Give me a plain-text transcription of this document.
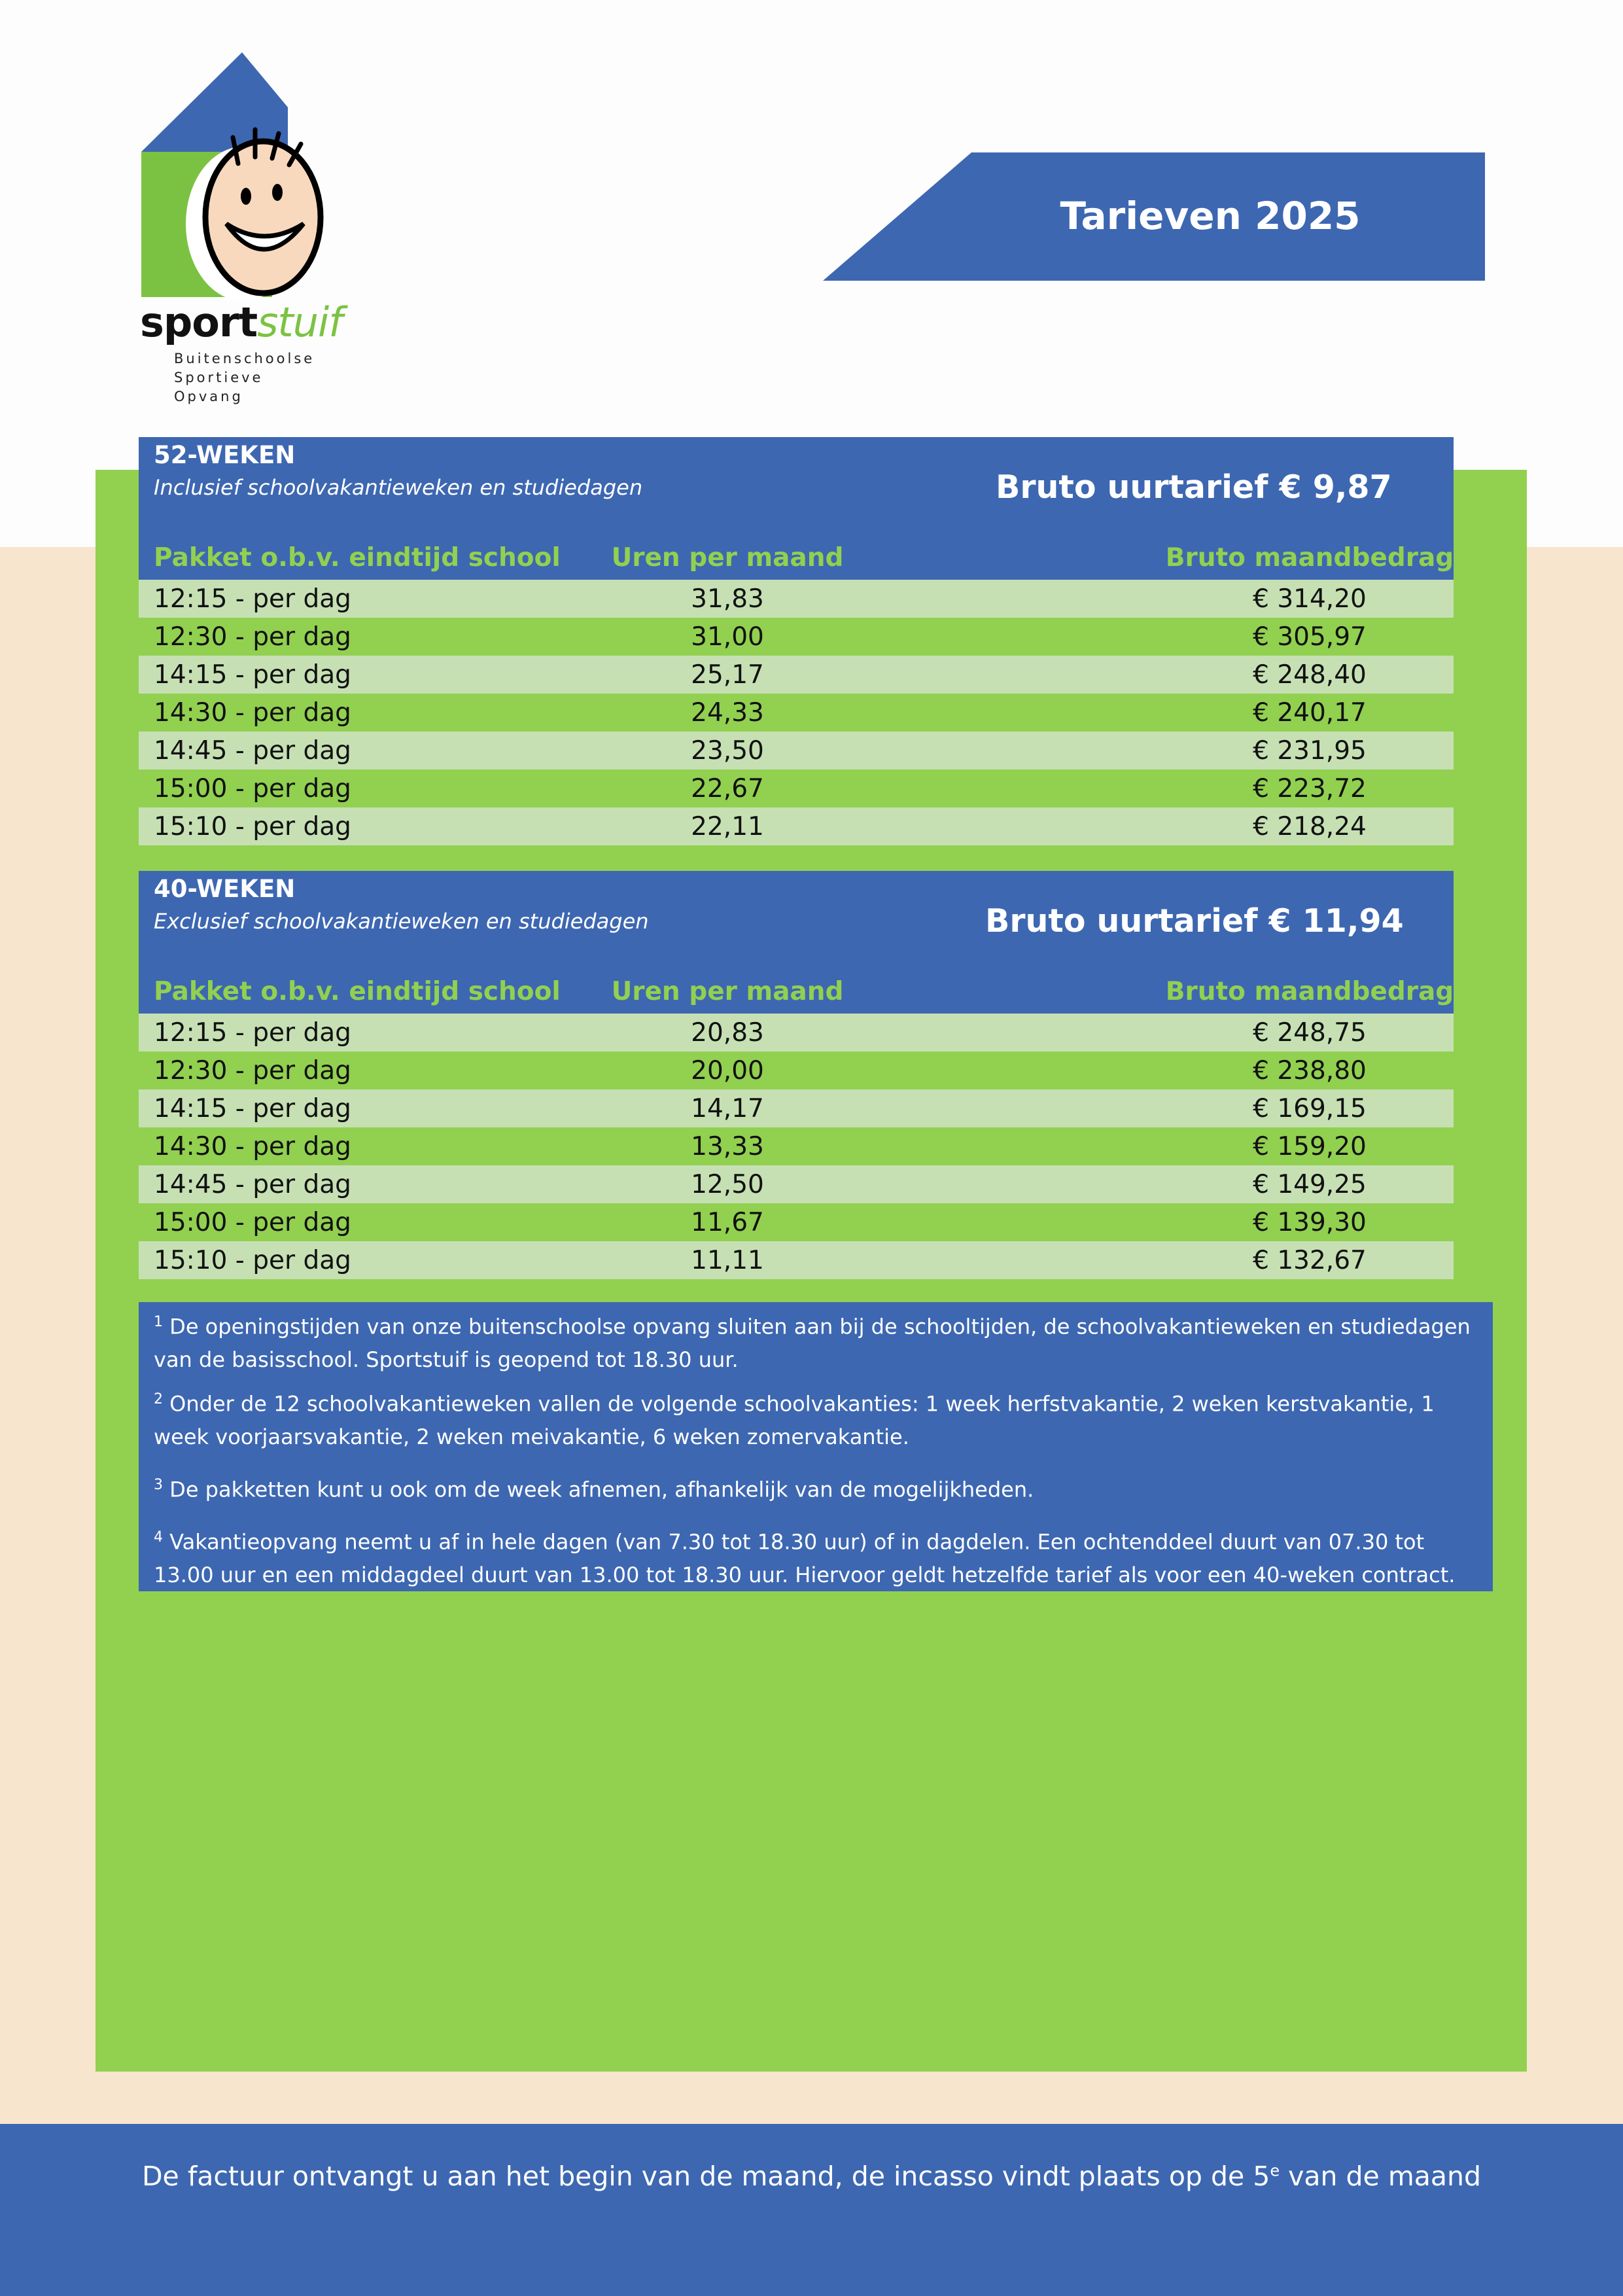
sportstuif
Buitenschoolse
Sportieve
Opvang
Tarieven 2025
52-WEKEN
Inclusief schoolvakantieweken en studiedagen	Bruto uurtarief € 9,87
Pakket o.b.v. eindtijd school	Uren per maand	Bruto maandbedrag
12:15 - per dag	31,83	€ 314,20
12:30 - per dag	31,00	€ 305,97
14:15 - per dag	25,17	€ 248,40
14:30 - per dag	24,33	€ 240,17
14:45 - per dag	23,50	€ 231,95
15:00 - per dag	22,67	€ 223,72
15:10 - per dag	22,11	€ 218,24
40-WEKEN
Exclusief schoolvakantieweken en studiedagen	Bruto uurtarief € 11,94
Pakket o.b.v. eindtijd school	Uren per maand	Bruto maandbedrag
12:15 - per dag	20,83	€ 248,75
12:30 - per dag	20,00	€ 238,80
14:15 - per dag	14,17	€ 169,15
14:30 - per dag	13,33	€ 159,20
14:45 - per dag	12,50	€ 149,25
15:00 - per dag	11,67	€ 139,30
15:10 - per dag	11,11	€ 132,67
$^1$ De openingstijden van onze buitenschoolse opvang sluiten aan bij de schooltijden, de schoolvakantieweken en studiedagen van de basisschool. Sportstuif is geopend tot 18.30 uur.
$^2$ Onder de 12 schoolvakantieweken vallen de volgende schoolvakanties: 1 week herfstvakantie, 2 weken kerstvakantie, 1 week voorjaarsvakantie, 2 weken meivakantie, 6 weken zomervakantie.
$^3$ De pakketten kunt u ook om de week afnemen, afhankelijk van de mogelijkheden.
$^4$ Vakantieopvang neemt u af in hele dagen (van 7.30 tot 18.30 uur) of in dagdelen. Een ochtenddeel duurt van 07.30 tot 13.00 uur en een middagdeel duurt van 13.00 tot 18.30 uur. Hiervoor geldt hetzelfde tarief als voor een 40-weken contract.
De factuur ontvangt u aan het begin van de maand, de incasso vindt plaats op de 5e van de maand
